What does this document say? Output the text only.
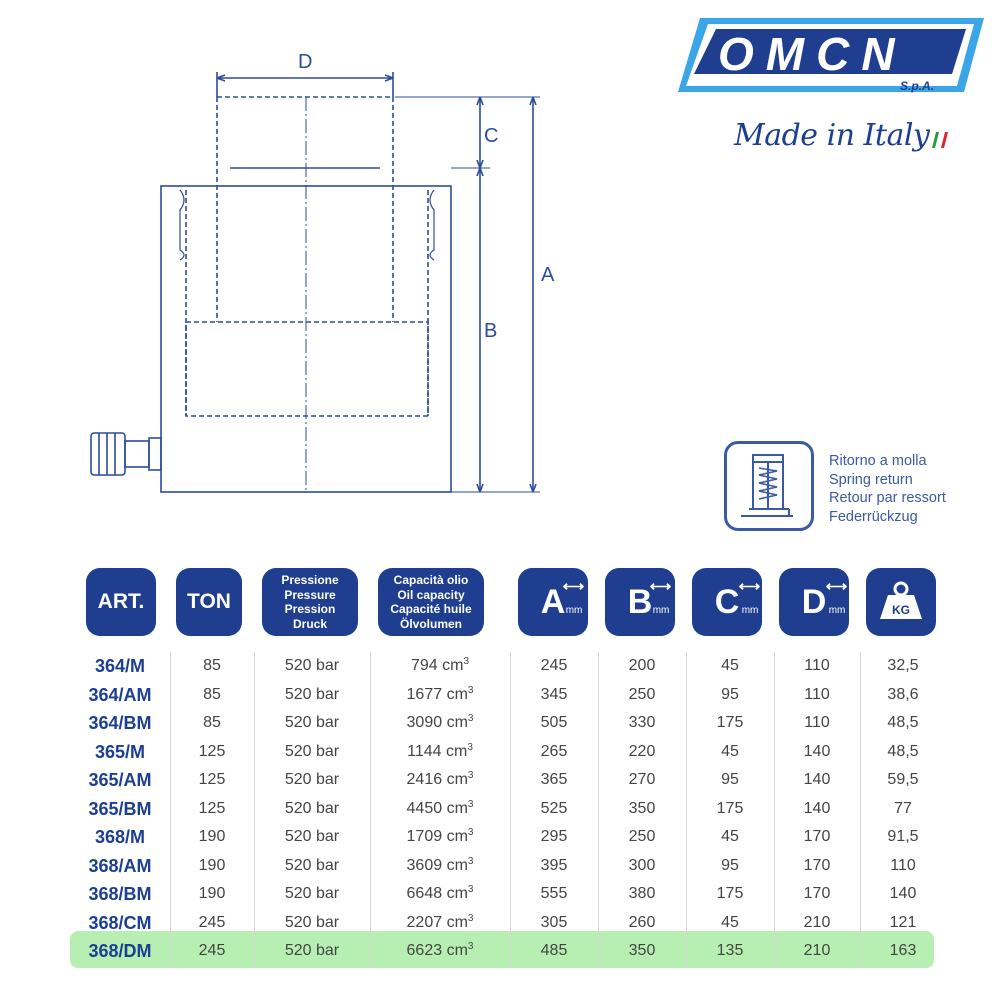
D
C
B
A
OMCN
S.p.A.
Made in Italy
Ritorno a molla
Spring return
Retour par ressort
Federrückzug
ART.	TON
Pressione
Pressure
Pression
Druck
Capacità olio
Oil capacity
Capacité huile
Ölvolumen
A
⟷
mm B
⟷
mm C ⟷
mm D ⟷
mm	KG
364/M	85	520 bar	794 $cm^3$	245	200	45	110	32,5
364/AM	85	520 bar	1677 $cm^3$	345	250	95	110	38,6
364/BM	85	520 bar	3090 $cm^3$	505	330	175	110	48,5
365/M	125	520 bar	1144 $cm^3$	265	220	45	140	48,5
365/AM	125	520 bar	2416 $cm^3$	365	270	95	140	59,5
365/BM	125	520 bar	4450 $cm^3$	525	350	175	140	77
368/M	190	520 bar	1709 $cm^3$	295	250	45	170	91,5
368/AM	190	520 bar	3609 $cm^3$	395	300	95	170	110
368/BM	190	520 bar	6648 $cm^3$	555	380	175	170	140
368/CM	245	520 bar	2207 $cm^3$	305	260	45	210	121
368/DM	245	520 bar	6623 $cm^3$	485	350	135	210	163
